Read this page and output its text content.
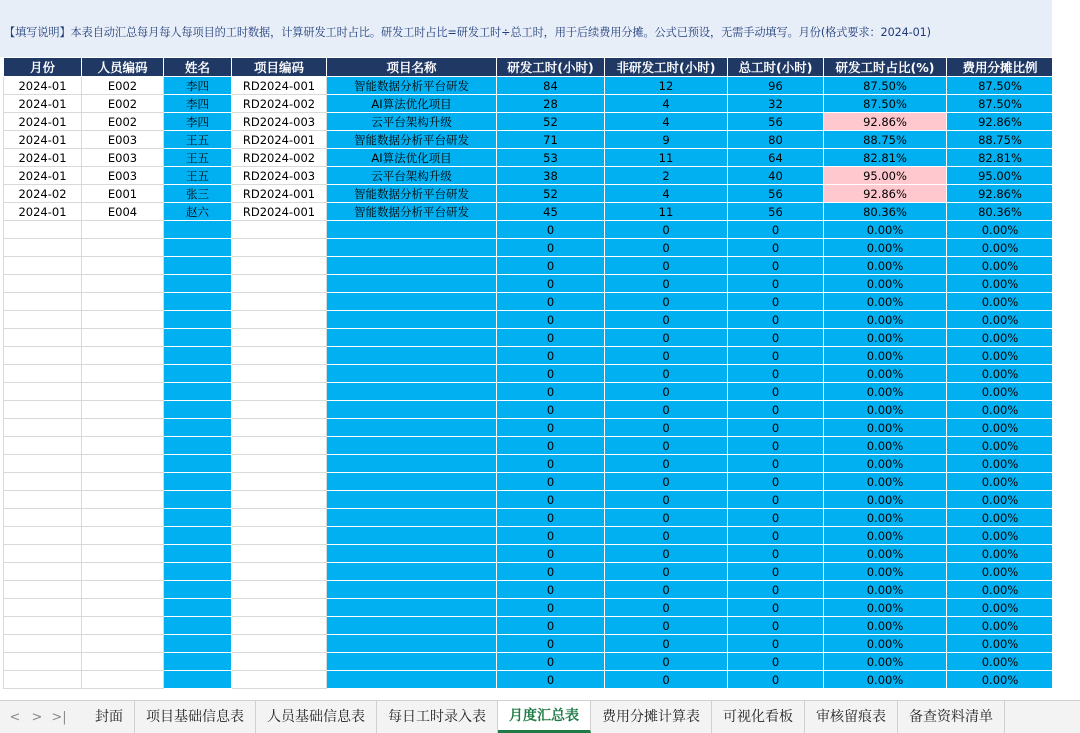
【填写说明】本表自动汇总每月每人每项目的工时数据，计算研发工时占比。研发工时占比=研发工时÷总工时，用于后续费用分摊。公式已预设，无需手动填写。月份(格式要求：2024-01)
月份	人员编码	姓名	项目编码	项目名称	研发工时(小时)	非研发工时(小时)	总工时(小时)	研发工时占比(%)	费用分摊比例
2024-01	E002	李四	RD2024-001	智能数据分析平台研发	84	12	96	87.50%	87.50%
2024-01	E002	李四	RD2024-002	AI算法优化项目	28	4	32	87.50%	87.50%
2024-01	E002	李四	RD2024-003	云平台架构升级	52	4	56	92.86%	92.86%
2024-01	E003	王五	RD2024-001	智能数据分析平台研发	71	9	80	88.75%	88.75%
2024-01	E003	王五	RD2024-002	AI算法优化项目	53	11	64	82.81%	82.81%
2024-01	E003	王五	RD2024-003	云平台架构升级	38	2	40	95.00%	95.00%
2024-02	E001	张三	RD2024-001	智能数据分析平台研发	52	4	56	92.86%	92.86%
2024-01	E004	赵六	RD2024-001	智能数据分析平台研发	45	11	56	80.36%	80.36%
					0	0	0	0.00%	0.00%
					0	0	0	0.00%	0.00%
					0	0	0	0.00%	0.00%
					0	0	0	0.00%	0.00%
					0	0	0	0.00%	0.00%
					0	0	0	0.00%	0.00%
					0	0	0	0.00%	0.00%
					0	0	0	0.00%	0.00%
					0	0	0	0.00%	0.00%
					0	0	0	0.00%	0.00%
					0	0	0	0.00%	0.00%
					0	0	0	0.00%	0.00%
					0	0	0	0.00%	0.00%
					0	0	0	0.00%	0.00%
					0	0	0	0.00%	0.00%
					0	0	0	0.00%	0.00%
					0	0	0	0.00%	0.00%
					0	0	0	0.00%	0.00%
					0	0	0	0.00%	0.00%
					0	0	0	0.00%	0.00%
					0	0	0	0.00%	0.00%
					0	0	0	0.00%	0.00%
					0	0	0	0.00%	0.00%
					0	0	0	0.00%	0.00%
					0	0	0	0.00%	0.00%
					0	0	0	0.00%	0.00%
< > >|	封面	项目基础信息表	人员基础信息表	每日工时录入表	月度汇总表	费用分摊计算表	可视化看板	审核留痕表	备查资料清单
